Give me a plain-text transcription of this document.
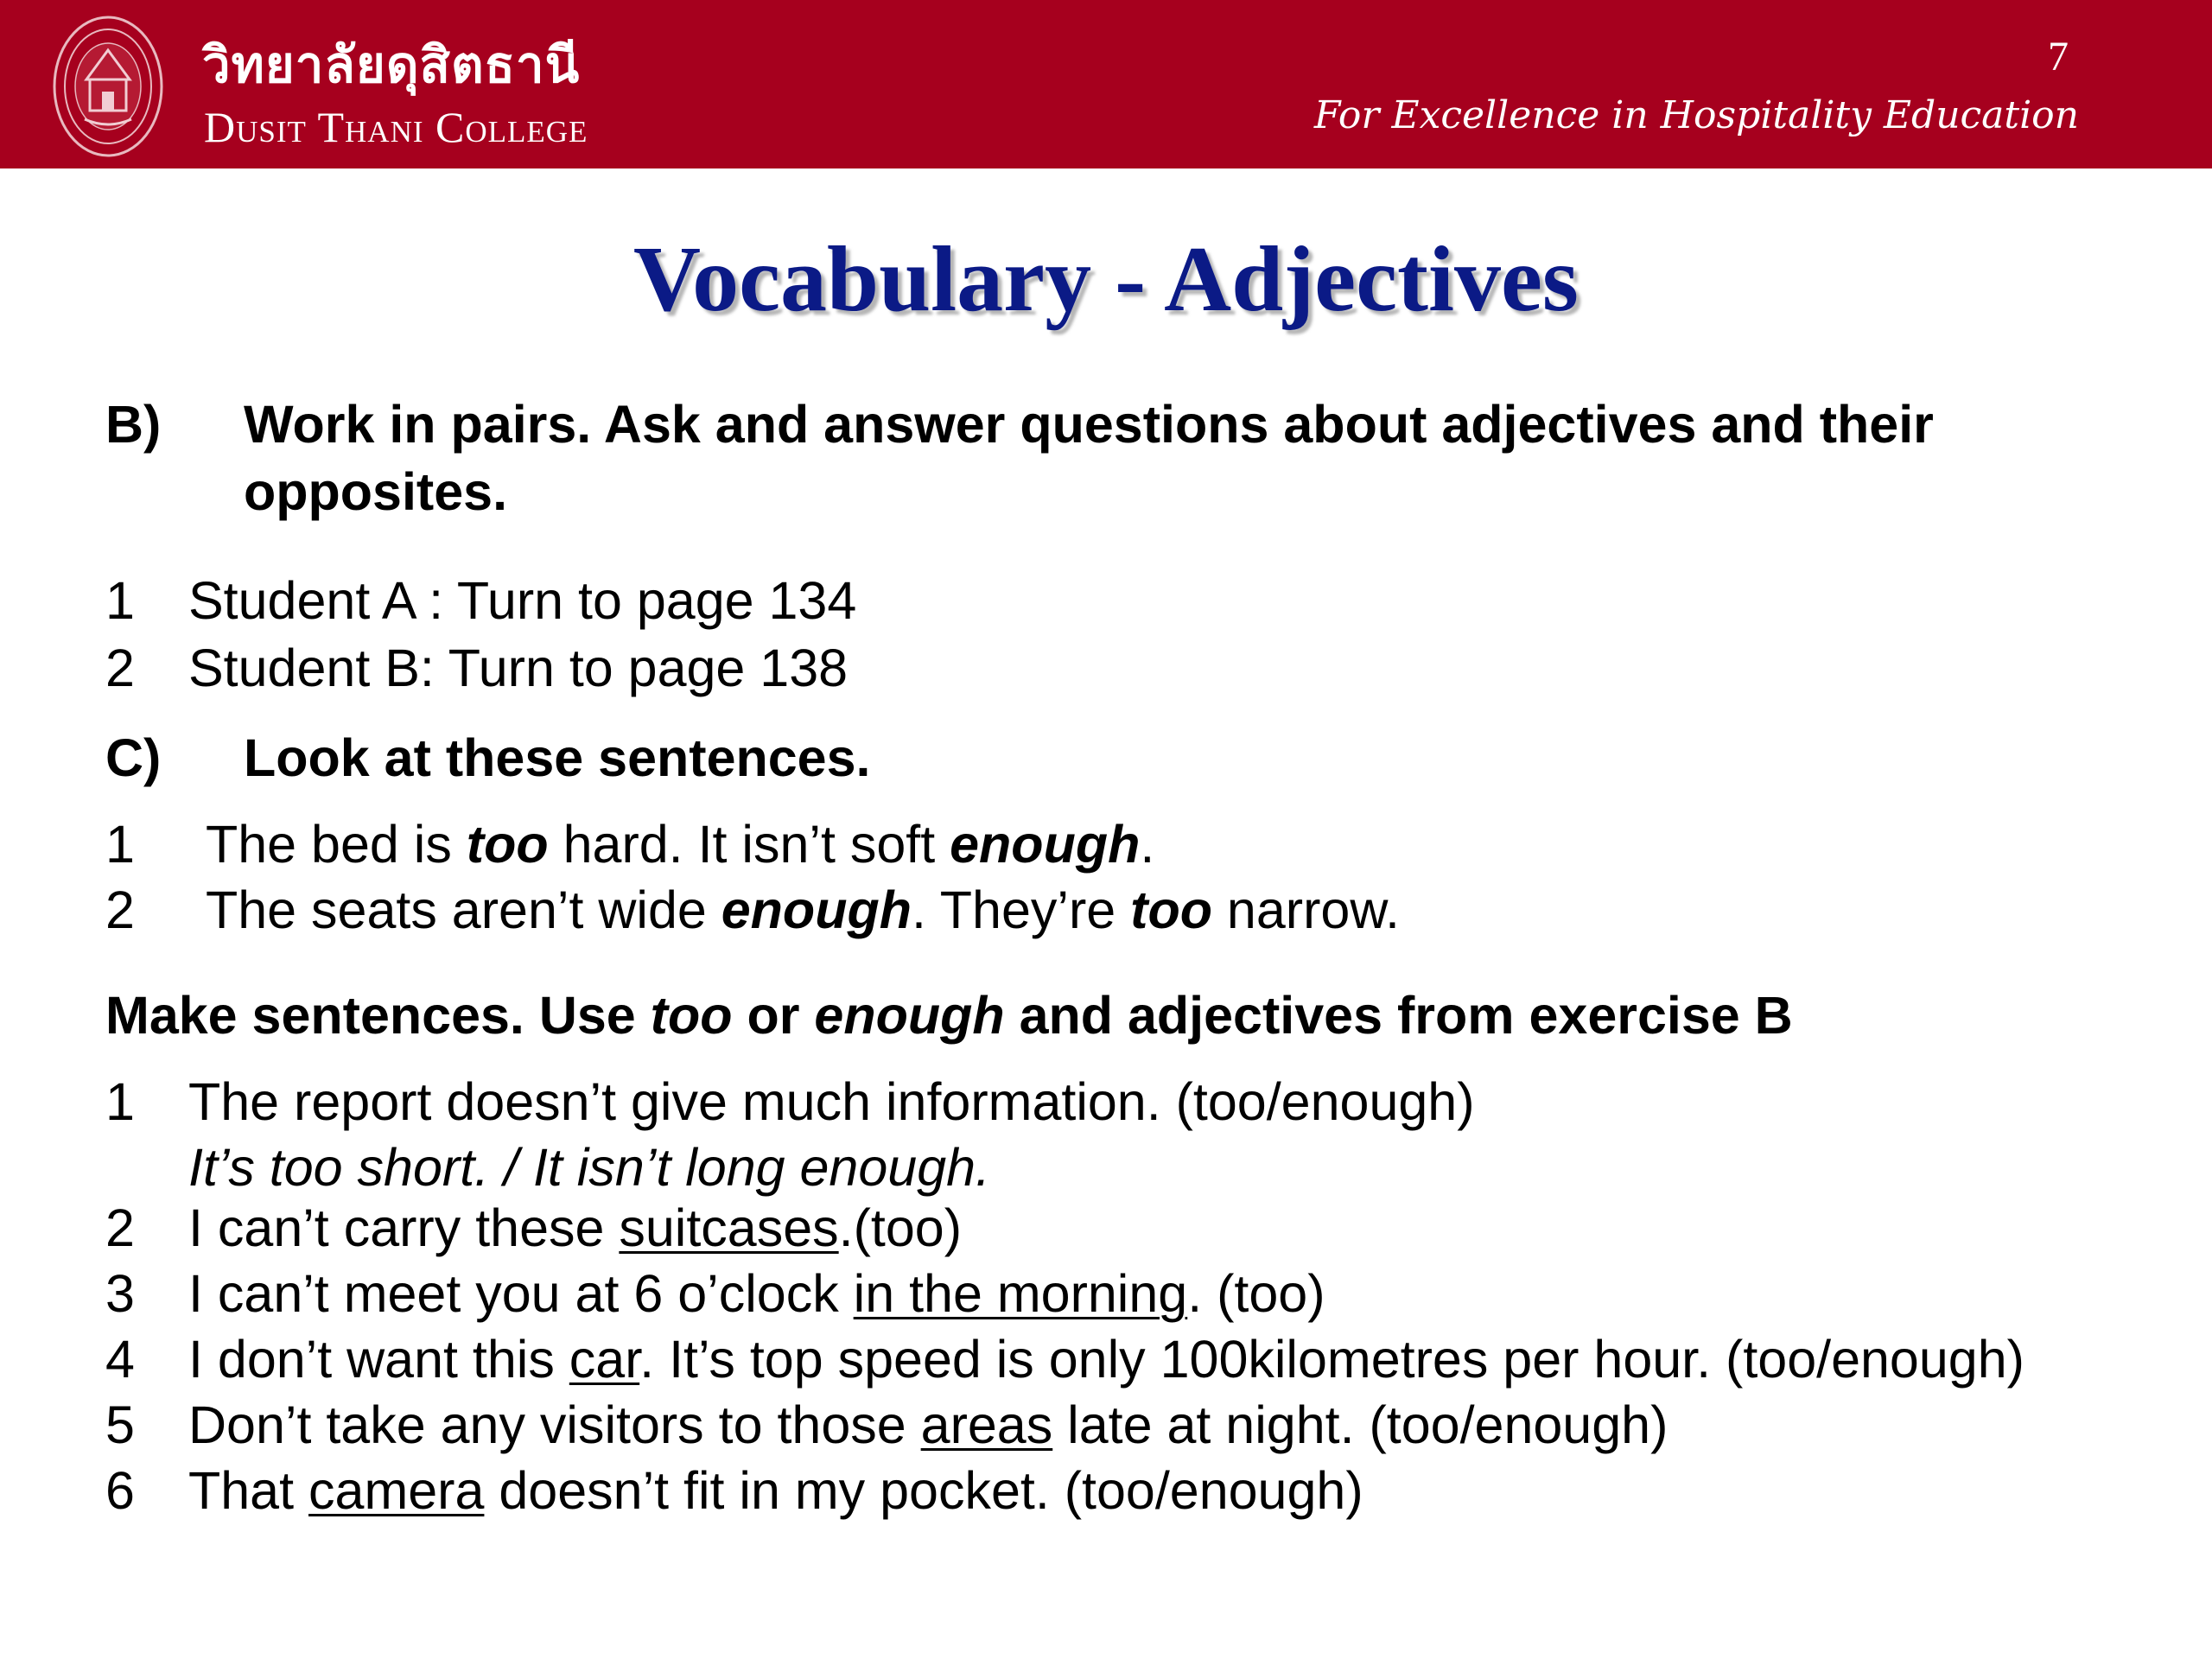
วิทยาลัยดุสิตธานี
Dusit Thani College
7
For Excellence in Hospitality Education
Vocabulary - Adjectives
B) Work in pairs. Ask and answer questions about adjectives and their
opposites.
1 Student A : Turn to page 134
2 Student B: Turn to page 138
C) Look at these sentences.
1 The bed is too hard. It isn’t soft enough.
2 The seats aren’t wide enough. They’re too narrow.
Make sentences. Use too or enough and adjectives from exercise B
1 The report doesn’t give much information. (too/enough)
It’s too short. / It isn’t long enough.
2 I can’t carry these suitcases.(too)
3 I can’t meet you at 6 o’clock in the morning. (too)
4 I don’t want this car. It’s top speed is only 100kilometres per hour. (too/enough)
5 Don’t take any visitors to those areas late at night. (too/enough)
6 That camera doesn’t fit in my pocket. (too/enough)
